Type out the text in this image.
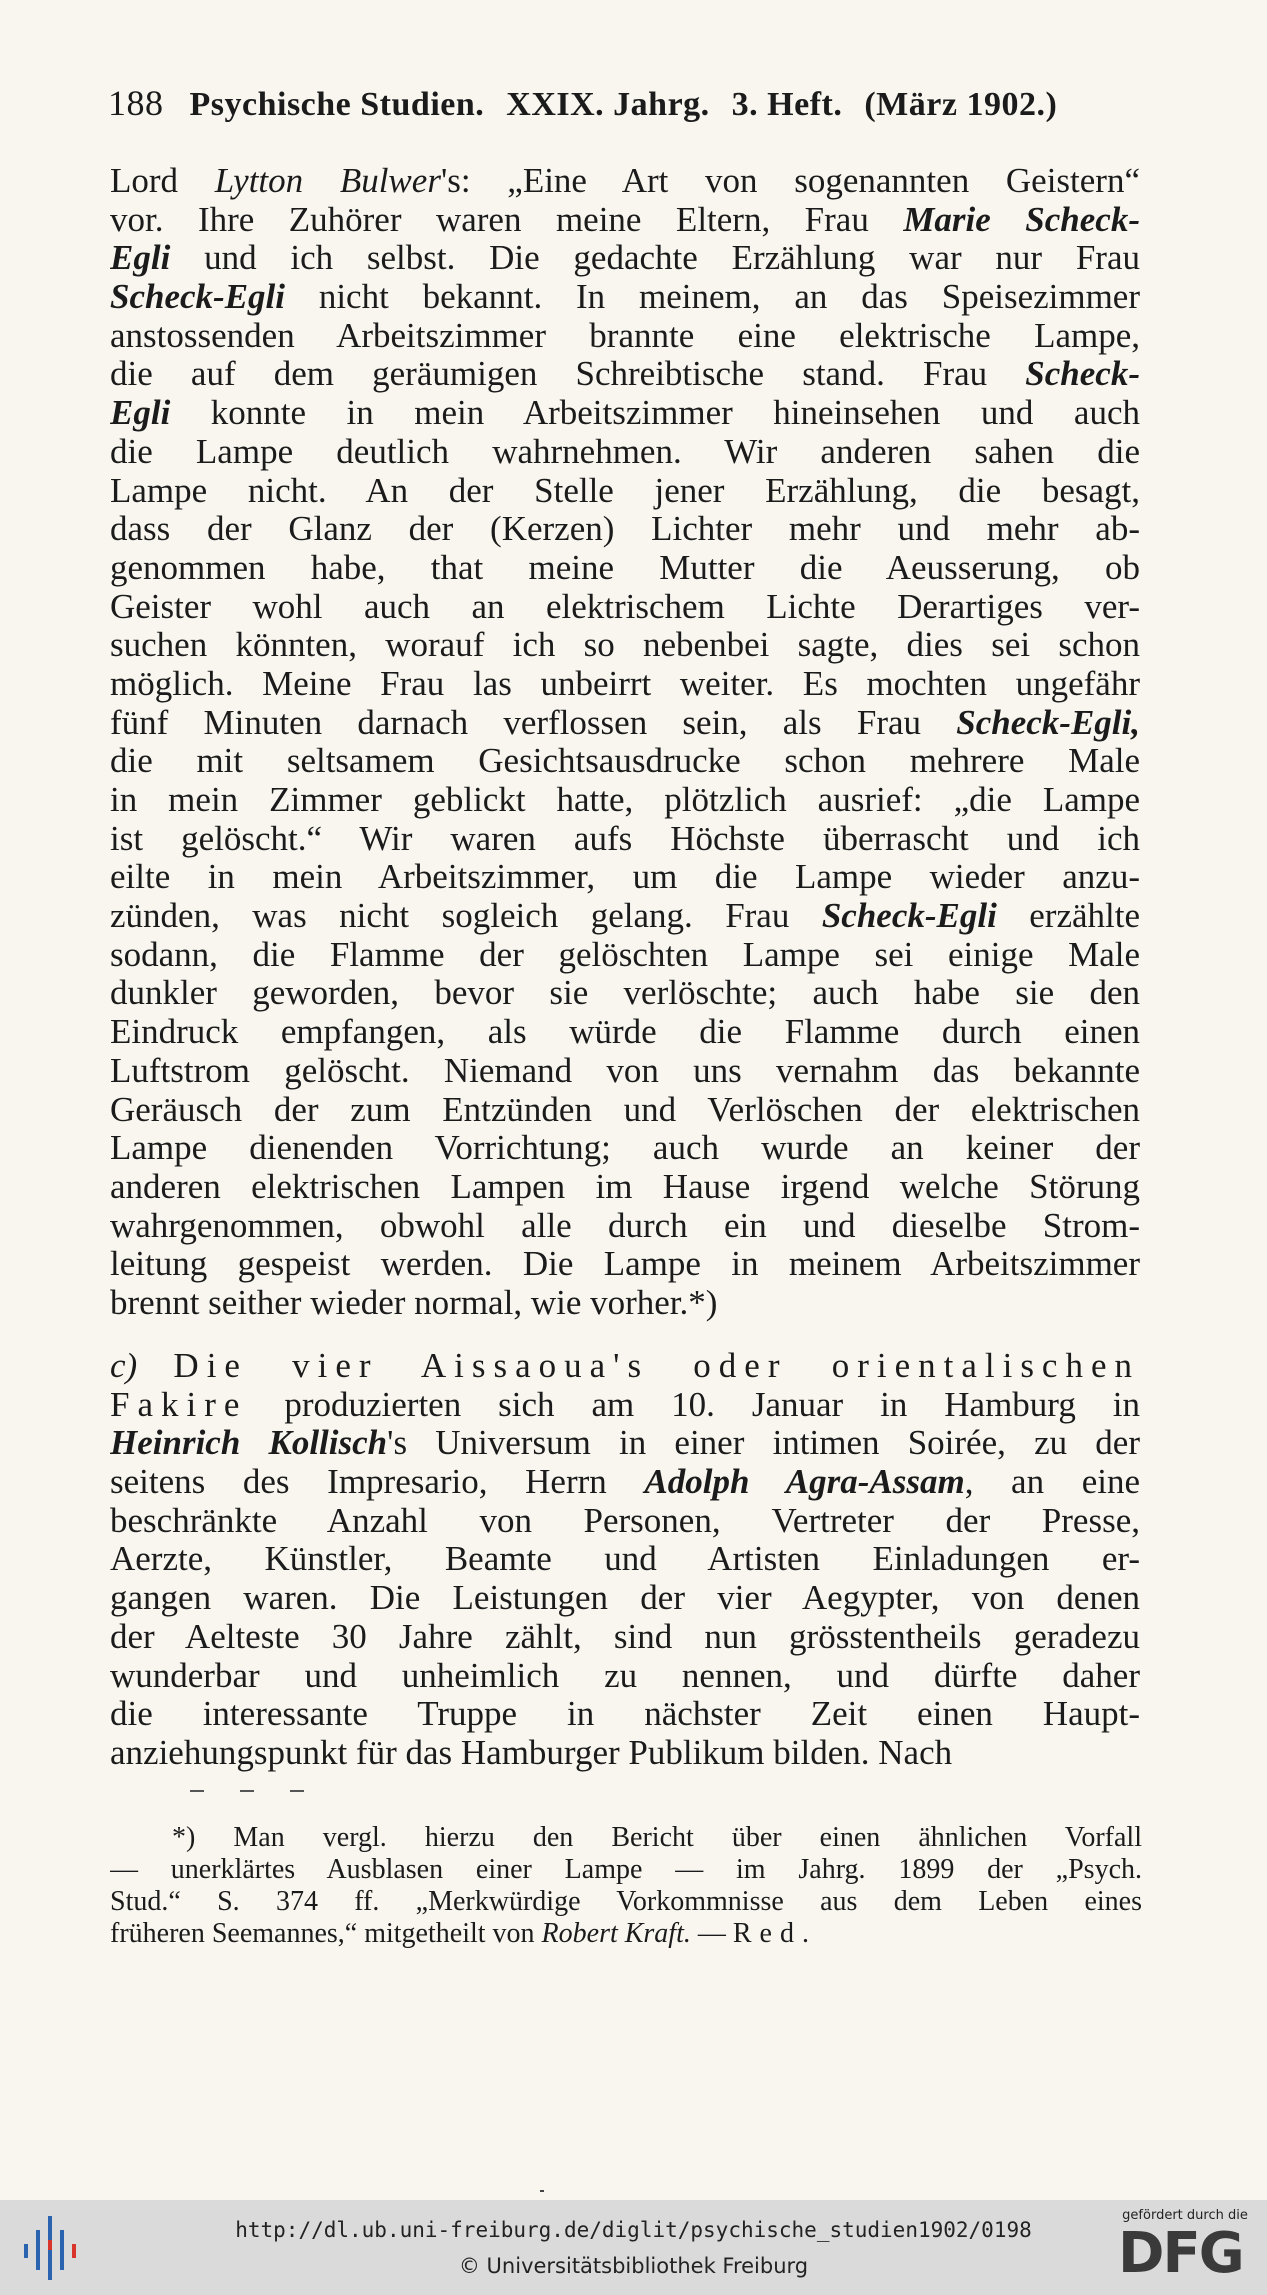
188 Psychische Studien. XXIX. Jahrg. 3. Heft. (März 1902.)
Lord Lytton Bulwer's: „Eine Art von sogenannten Geistern“
vor. Ihre Zuhörer waren meine Eltern, Frau Marie Scheck-
Egli und ich selbst. Die gedachte Erzählung war nur Frau
Scheck-Egli nicht bekannt. In meinem, an das Speisezimmer
anstossenden Arbeitszimmer brannte eine elektrische Lampe,
die auf dem geräumigen Schreibtische stand. Frau Scheck-
Egli konnte in mein Arbeitszimmer hineinsehen und auch
die Lampe deutlich wahrnehmen. Wir anderen sahen die
Lampe nicht. An der Stelle jener Erzählung, die besagt,
dass der Glanz der (Kerzen) Lichter mehr und mehr ab-
genommen habe, that meine Mutter die Aeusserung, ob
Geister wohl auch an elektrischem Lichte Derartiges ver-
suchen könnten, worauf ich so nebenbei sagte, dies sei schon
möglich. Meine Frau las unbeirrt weiter. Es mochten ungefähr
fünf Minuten darnach verflossen sein, als Frau Scheck-Egli,
die mit seltsamem Gesichtsausdrucke schon mehrere Male
in mein Zimmer geblickt hatte, plötzlich ausrief: „die Lampe
ist gelöscht.“ Wir waren aufs Höchste überrascht und ich
eilte in mein Arbeitszimmer, um die Lampe wieder anzu-
zünden, was nicht sogleich gelang. Frau Scheck-Egli erzählte
sodann, die Flamme der gelöschten Lampe sei einige Male
dunkler geworden, bevor sie verlöschte; auch habe sie den
Eindruck empfangen, als würde die Flamme durch einen
Luftstrom gelöscht. Niemand von uns vernahm das bekannte
Geräusch der zum Entzünden und Verlöschen der elektrischen
Lampe dienenden Vorrichtung; auch wurde an keiner der
anderen elektrischen Lampen im Hause irgend welche Störung
wahrgenommen, obwohl alle durch ein und dieselbe Strom-
leitung gespeist werden. Die Lampe in meinem Arbeitszimmer
brennt seither wieder normal, wie vorher.*)
c) Die vier Aissaoua's oder orientalischen
Fakire produzierten sich am 10. Januar in Hamburg in
Heinrich Kollisch's Universum in einer intimen Soirée, zu der
seitens des Impresario, Herrn Adolph Agra-Assam, an eine
beschränkte Anzahl von Personen, Vertreter der Presse,
Aerzte, Künstler, Beamte und Artisten Einladungen er-
gangen waren. Die Leistungen der vier Aegypter, von denen
der Aelteste 30 Jahre zählt, sind nun grösstentheils geradezu
wunderbar und unheimlich zu nennen, und dürfte daher
die interessante Truppe in nächster Zeit einen Haupt-
anziehungspunkt für das Hamburger Publikum bilden. Nach
*) Man vergl. hierzu den Bericht über einen ähnlichen Vorfall
— unerklärtes Ausblasen einer Lampe — im Jahrg. 1899 der „Psych.
Stud.“ S. 374 ff. „Merkwürdige Vorkommnisse aus dem Leben eines
früheren Seemannes,“ mitgetheilt von Robert Kraft. — Red.
http://dl.ub.uni-freiburg.de/diglit/psychische_studien1902/0198
© Universitätsbibliothek Freiburg
gefördert durch die
DFG
